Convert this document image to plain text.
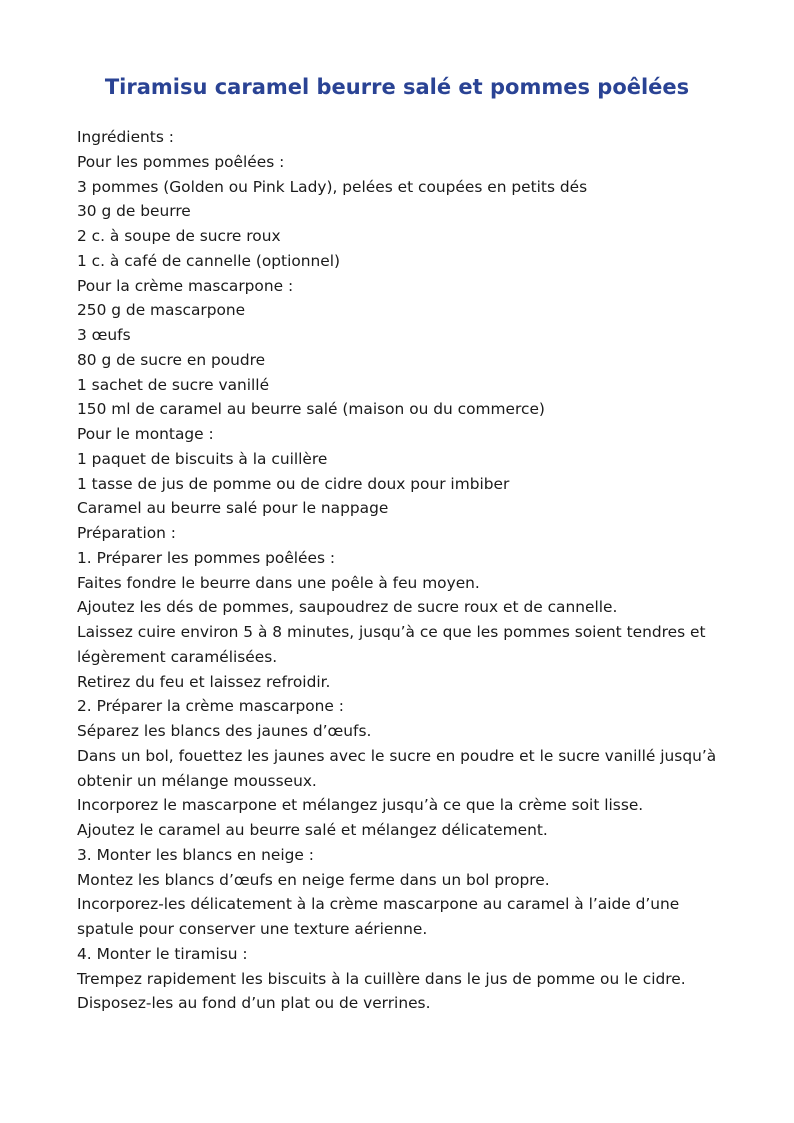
Tiramisu caramel beurre salé et pommes poêlées
Ingrédients :
Pour les pommes poêlées :
3 pommes (Golden ou Pink Lady), pelées et coupées en petits dés
30 g de beurre
2 c. à soupe de sucre roux
1 c. à café de cannelle (optionnel)
Pour la crème mascarpone :
250 g de mascarpone
3 œufs
80 g de sucre en poudre
1 sachet de sucre vanillé
150 ml de caramel au beurre salé (maison ou du commerce)
Pour le montage :
1 paquet de biscuits à la cuillère
1 tasse de jus de pomme ou de cidre doux pour imbiber
Caramel au beurre salé pour le nappage
Préparation :
1. Préparer les pommes poêlées :
Faites fondre le beurre dans une poêle à feu moyen.
Ajoutez les dés de pommes, saupoudrez de sucre roux et de cannelle.
Laissez cuire environ 5 à 8 minutes, jusqu’à ce que les pommes soient tendres et légèrement caramélisées.
Retirez du feu et laissez refroidir.
2. Préparer la crème mascarpone :
Séparez les blancs des jaunes d’œufs.
Dans un bol, fouettez les jaunes avec le sucre en poudre et le sucre vanillé jusqu’à obtenir un mélange mousseux.
Incorporez le mascarpone et mélangez jusqu’à ce que la crème soit lisse.
Ajoutez le caramel au beurre salé et mélangez délicatement.
3. Monter les blancs en neige :
Montez les blancs d’œufs en neige ferme dans un bol propre.
Incorporez-les délicatement à la crème mascarpone au caramel à l’aide d’une spatule pour conserver une texture aérienne.
4. Monter le tiramisu :
Trempez rapidement les biscuits à la cuillère dans le jus de pomme ou le cidre.
Disposez-les au fond d’un plat ou de verrines.
